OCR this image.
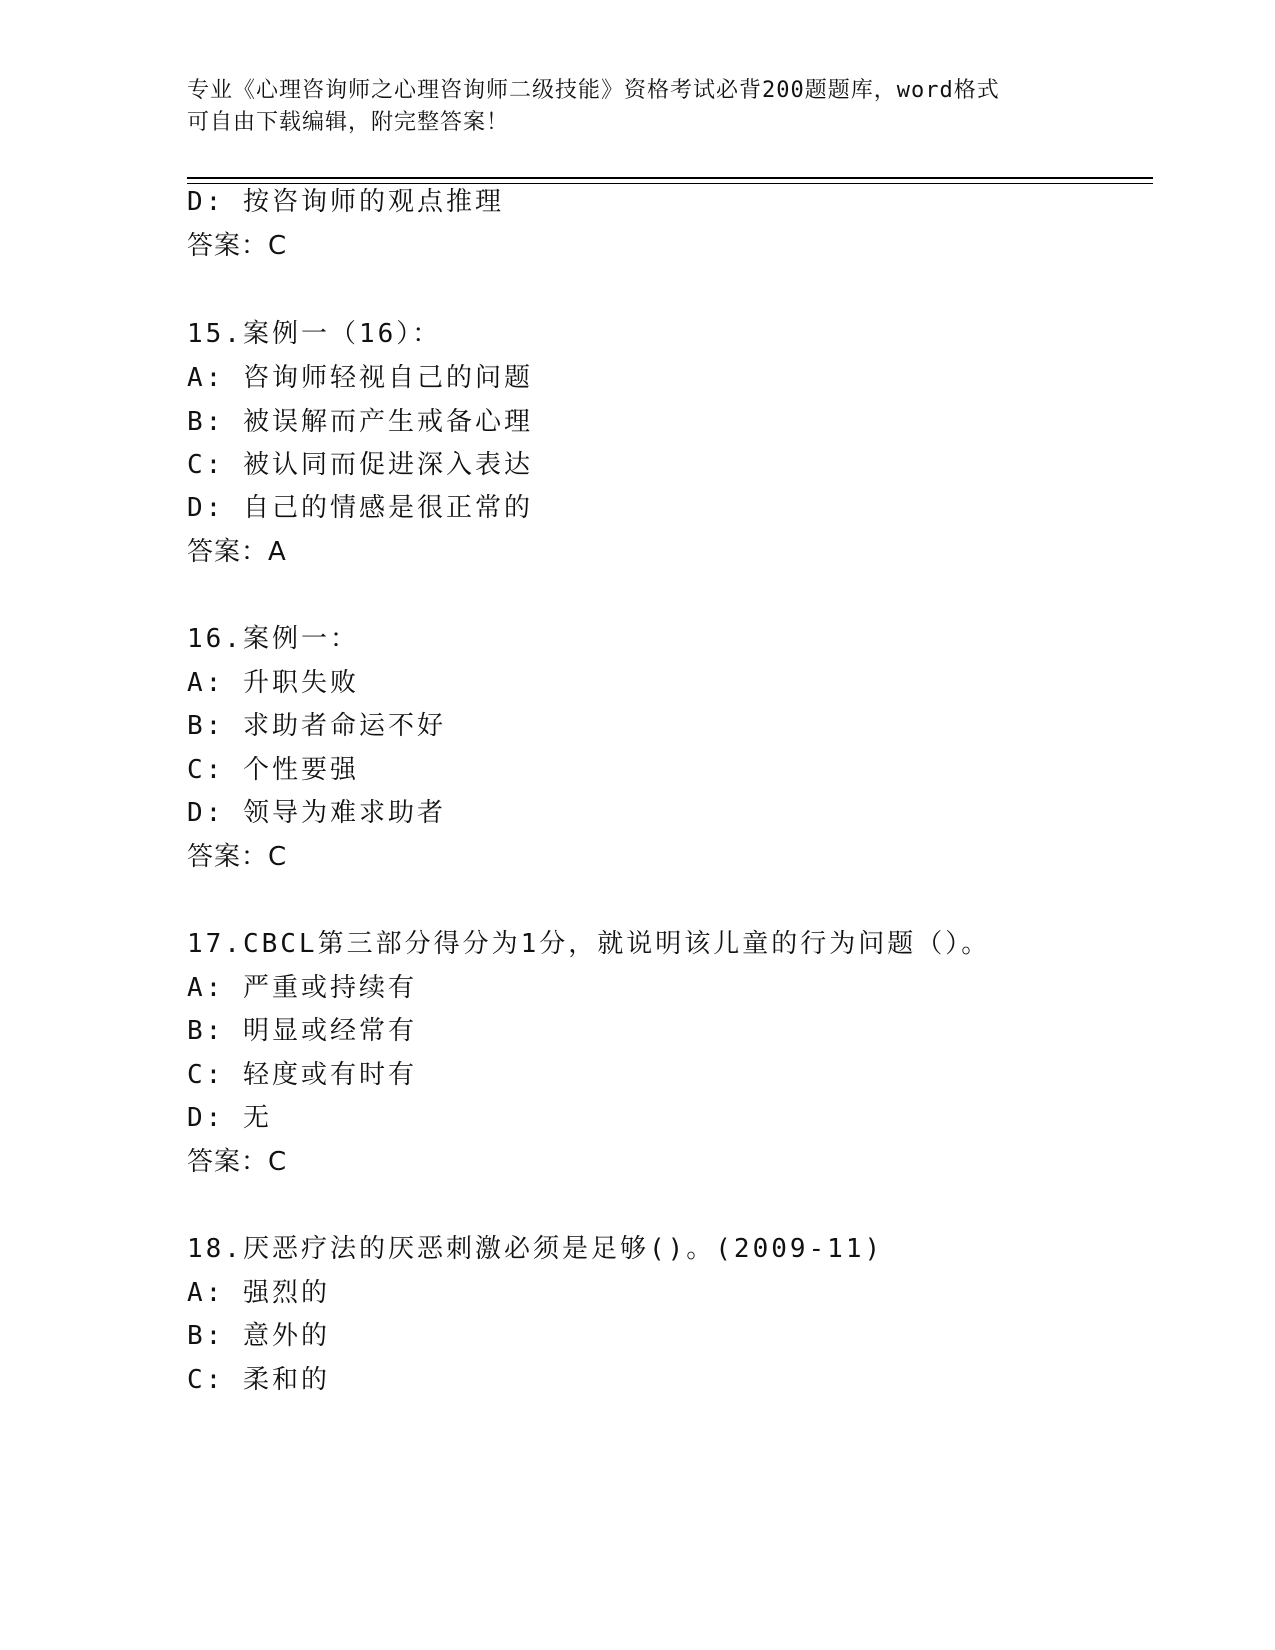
专业《心理咨询师之心理咨询师二级技能》资格考试必背200题题库，word格式
可自由下载编辑，附完整答案！
D: 按咨询师的观点推理
答案：C
15.案例一（16）：
A: 咨询师轻视自己的问题
B: 被误解而产生戒备心理
C: 被认同而促进深入表达
D: 自己的情感是很正常的
答案：A
16.案例一：
A: 升职失败
B: 求助者命运不好
C: 个性要强
D: 领导为难求助者
答案：C
17.CBCL第三部分得分为1分，就说明该儿童的行为问题（）。
A: 严重或持续有
B: 明显或经常有
C: 轻度或有时有
D: 无
答案：C
18.厌恶疗法的厌恶刺激必须是足够()。(2009-11)
A: 强烈的
B: 意外的
C: 柔和的
